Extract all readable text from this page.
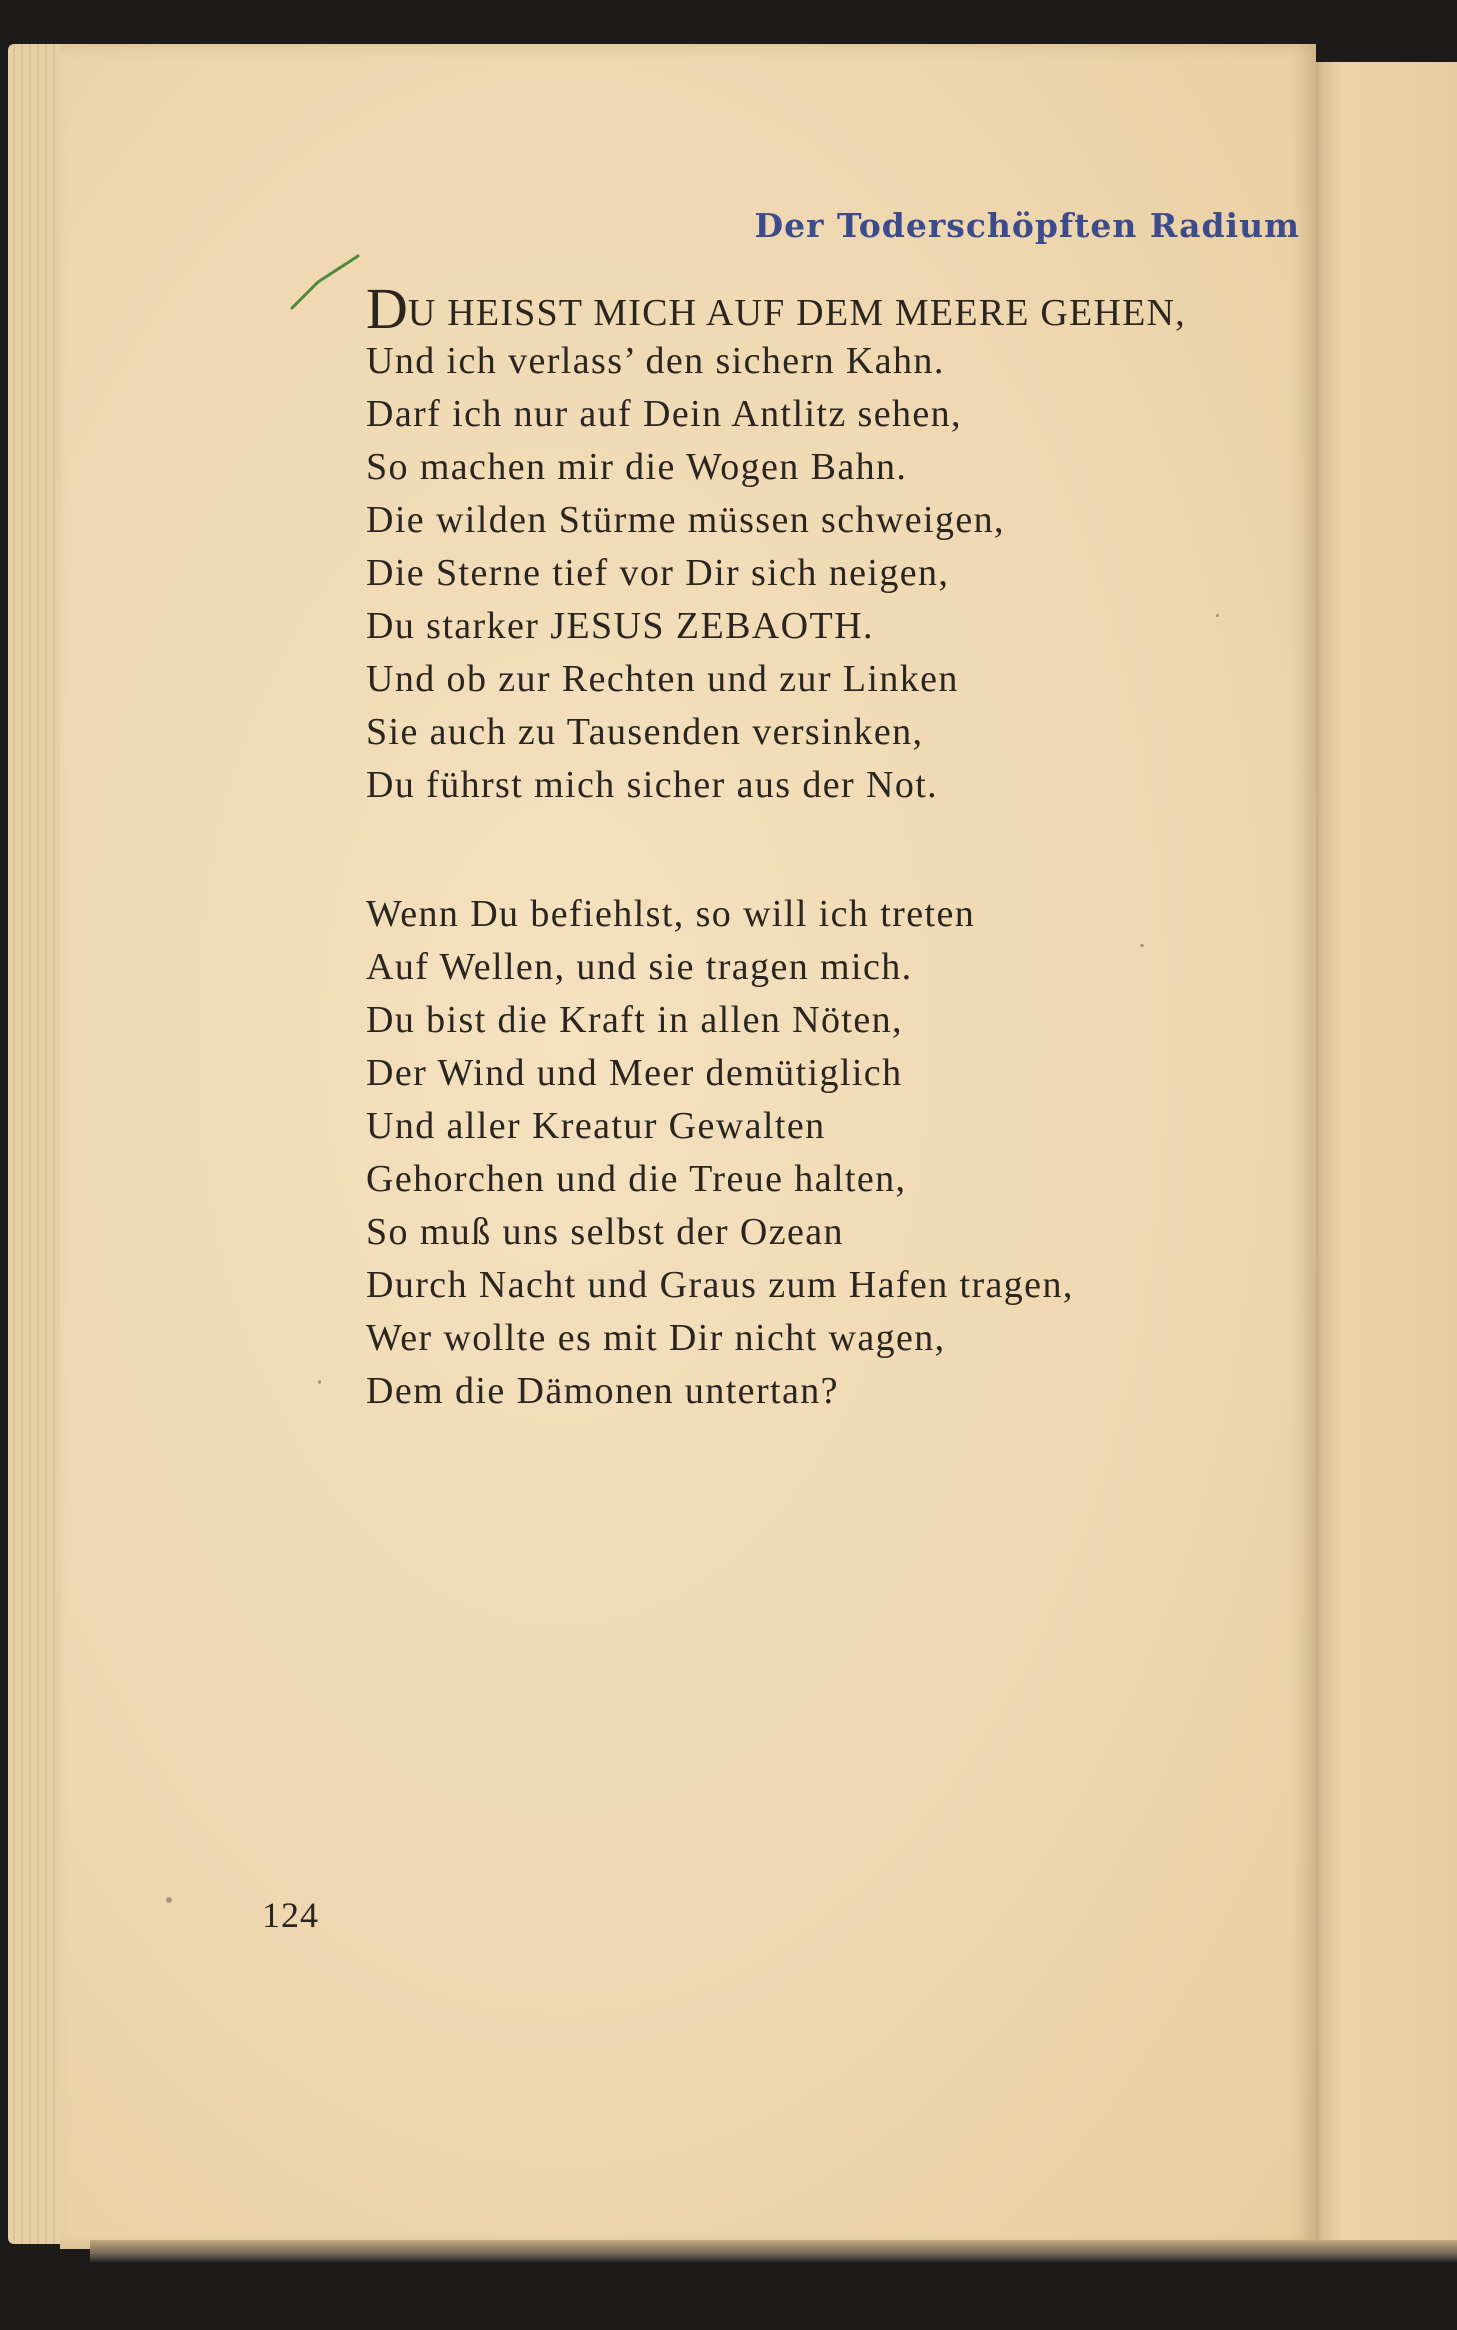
Der Toderschöpften Radium
DU HEISST MICH AUF DEM MEERE GEHEN,
Und ich verlass’ den sichern Kahn.
Darf ich nur auf Dein Antlitz sehen,
So machen mir die Wogen Bahn.
Die wilden Stürme müssen schweigen,
Die Sterne tief vor Dir sich neigen,
Du starker JESUS ZEBAOTH.
Und ob zur Rechten und zur Linken
Sie auch zu Tausenden versinken,
Du führst mich sicher aus der Not.
Wenn Du befiehlst, so will ich treten
Auf Wellen, und sie tragen mich.
Du bist die Kraft in allen Nöten,
Der Wind und Meer demütiglich
Und aller Kreatur Gewalten
Gehorchen und die Treue halten,
So muß uns selbst der Ozean
Durch Nacht und Graus zum Hafen tragen,
Wer wollte es mit Dir nicht wagen,
Dem die Dämonen untertan?
124
